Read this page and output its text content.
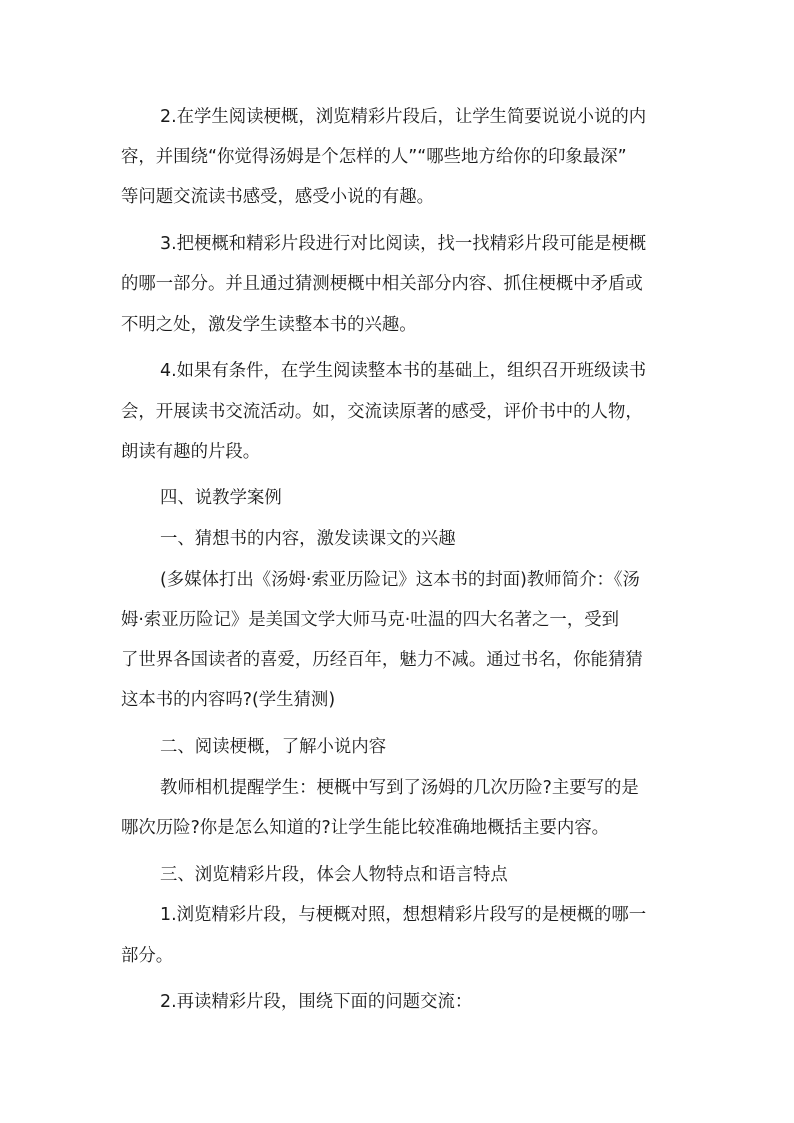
2.在学生阅读梗概，浏览精彩片段后，让学生简要说说小说的内

容，并围绕“你觉得汤姆是个怎样的人”“哪些地方给你的印象最深”

等问题交流读书感受，感受小说的有趣。

3.把梗概和精彩片段进行对比阅读，找一找精彩片段可能是梗概

的哪一部分。并且通过猜测梗概中相关部分内容、抓住梗概中矛盾或

不明之处，激发学生读整本书的兴趣。

4.如果有条件，在学生阅读整本书的基础上，组织召开班级读书

会，开展读书交流活动。如，交流读原著的感受，评价书中的人物，

朗读有趣的片段。

四、说教学案例

一、猜想书的内容，激发读课文的兴趣

(多媒体打出《汤姆·索亚历险记》这本书的封面)教师简介：《汤

姆·索亚历险记》是美国文学大师马克·吐温的四大名著之一，受到

了世界各国读者的喜爱，历经百年，魅力不减。通过书名，你能猜猜

这本书的内容吗?(学生猜测)

二、阅读梗概，了解小说内容

教师相机提醒学生：梗概中写到了汤姆的几次历险?主要写的是

哪次历险?你是怎么知道的?让学生能比较准确地概括主要内容。

三、浏览精彩片段，体会人物特点和语言特点

1.浏览精彩片段，与梗概对照，想想精彩片段写的是梗概的哪一

部分。

2.再读精彩片段，围绕下面的问题交流：
